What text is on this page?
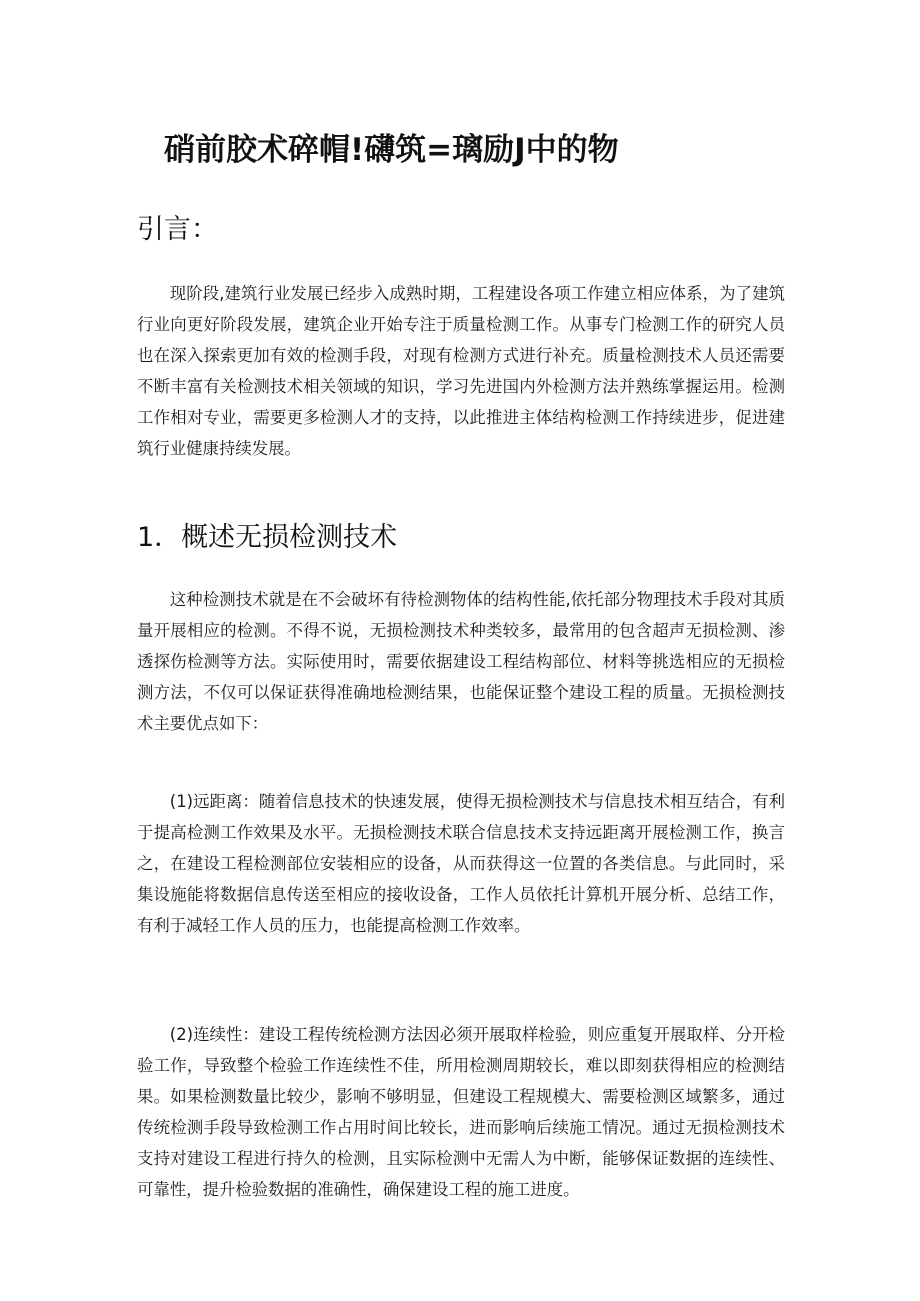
硝前胶术碎帽!礴筑=璃励J中的物
引言：

现阶段,建筑行业发展已经步入成熟时期，工程建设各项工作建立相应体系，为了建筑行业向更好阶段发展，建筑企业开始专注于质量检测工作。从事专门检测工作的研究人员也在深入探索更加有效的检测手段，对现有检测方式进行补充。质量检测技术人员还需要不断丰富有关检测技术相关领域的知识，学习先进国内外检测方法并熟练掌握运用。检测工作相对专业，需要更多检测人才的支持，以此推进主体结构检测工作持续进步，促进建筑行业健康持续发展。

1．概述无损检测技术

这种检测技术就是在不会破坏有待检测物体的结构性能,依托部分物理技术手段对其质量开展相应的检测。不得不说，无损检测技术种类较多，最常用的包含超声无损检测、渗透探伤检测等方法。实际使用时，需要依据建设工程结构部位、材料等挑选相应的无损检测方法，不仅可以保证获得准确地检测结果，也能保证整个建设工程的质量。无损检测技术主要优点如下：

(1)远距离：随着信息技术的快速发展，使得无损检测技术与信息技术相互结合，有利于提高检测工作效果及水平。无损检测技术联合信息技术支持远距离开展检测工作，换言之，在建设工程检测部位安装相应的设备，从而获得这一位置的各类信息。与此同时，采集设施能将数据信息传送至相应的接收设备，工作人员依托计算机开展分析、总结工作，有利于减轻工作人员的压力，也能提高检测工作效率。

(2)连续性：建设工程传统检测方法因必须开展取样检验，则应重复开展取样、分开检验工作，导致整个检验工作连续性不佳，所用检测周期较长，难以即刻获得相应的检测结果。如果检测数量比较少，影响不够明显，但建设工程规模大、需要检测区域繁多，通过传统检测手段导致检测工作占用时间比较长，进而影响后续施工情况。通过无损检测技术支持对建设工程进行持久的检测，且实际检测中无需人为中断，能够保证数据的连续性、可靠性，提升检验数据的准确性，确保建设工程的施工进度。
